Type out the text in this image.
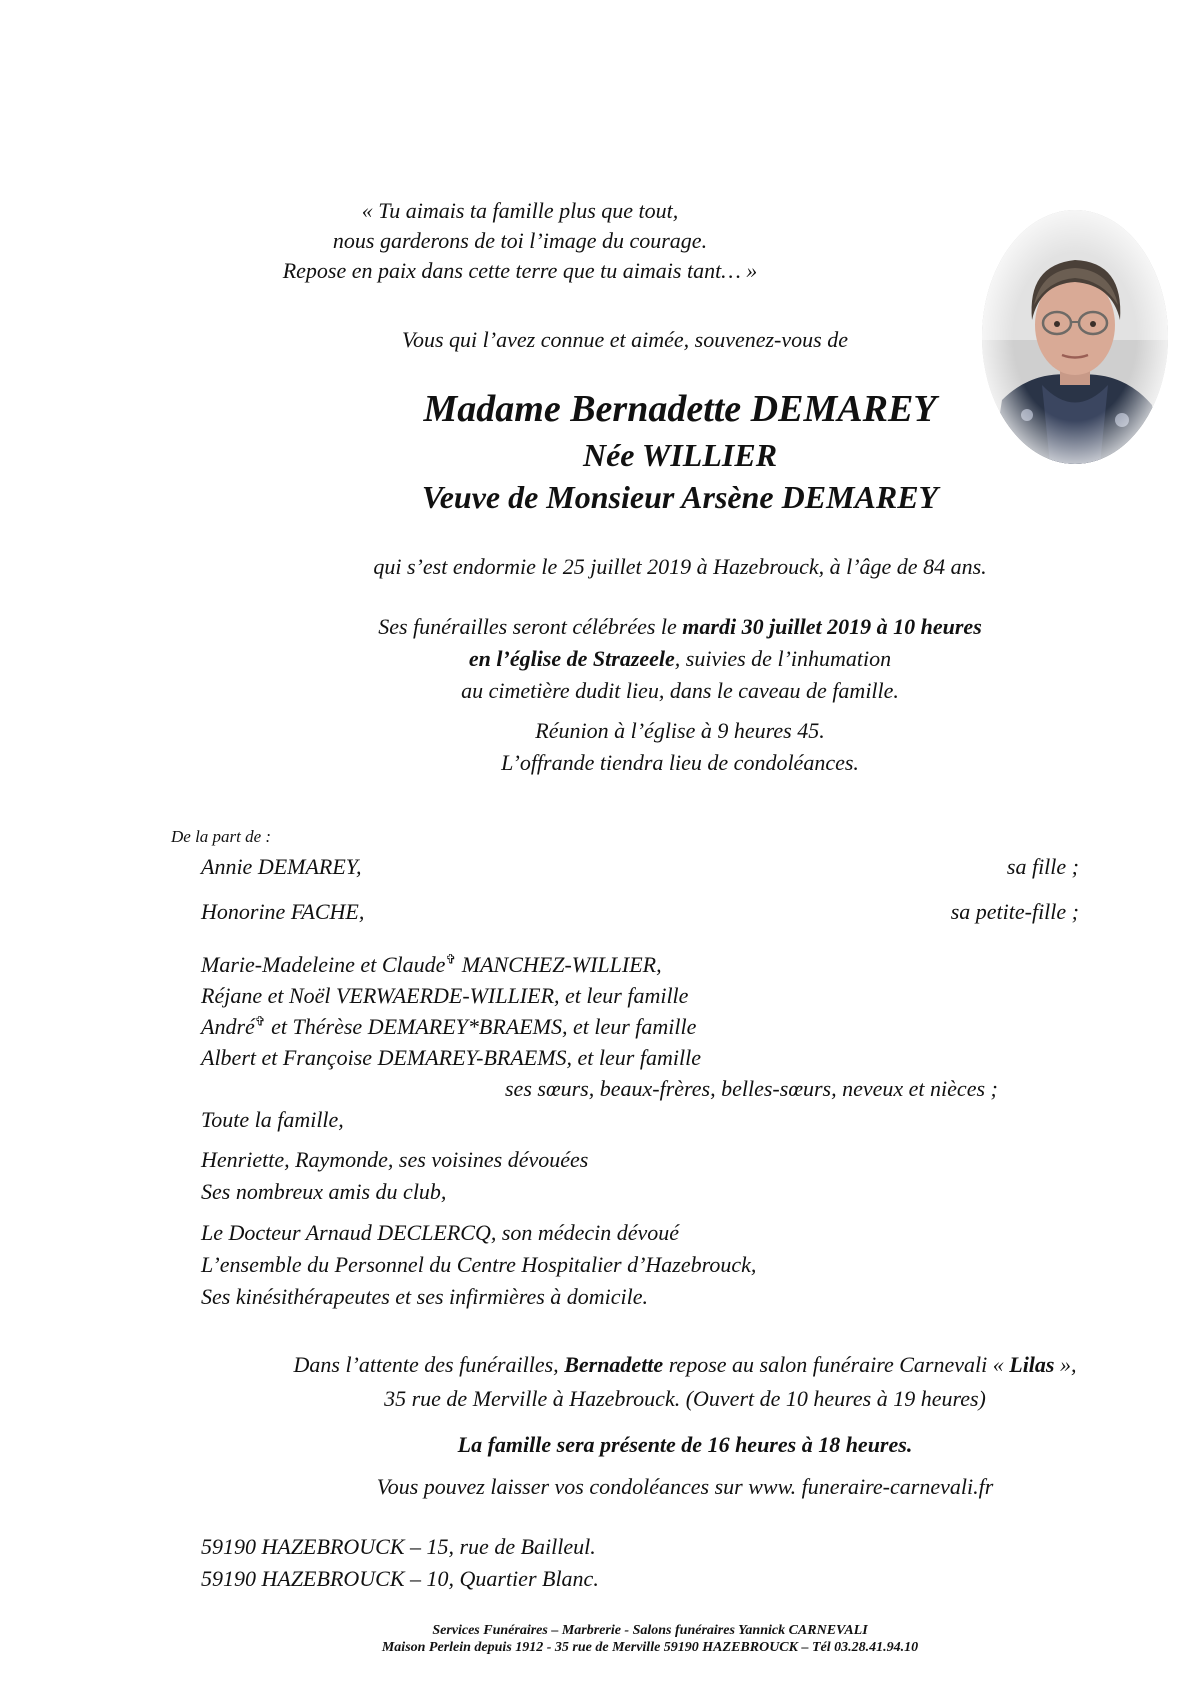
« Tu aimais ta famille plus que tout,
nous garderons de toi l’image du courage.
Repose en paix dans cette terre que tu aimais tant… »
Vous qui l’avez connue et aimée, souvenez-vous de
Madame Bernadette DEMAREY
Née WILLIER
Veuve de Monsieur Arsène DEMAREY
qui s’est endormie le 25 juillet 2019 à Hazebrouck, à l’âge de 84 ans.
Ses funérailles seront célébrées le mardi 30 juillet 2019 à 10 heures
en l’église de Strazeele, suivies de l’inhumation
au cimetière dudit lieu, dans le caveau de famille.
Réunion à l’église à 9 heures 45.
L’offrande tiendra lieu de condoléances.
De la part de :
Annie DEMAREY,	sa fille ;
Honorine FACHE,	sa petite-fille ;
Marie-Madeleine et Claude✞ MANCHEZ-WILLIER,
Réjane et Noël VERWAERDE-WILLIER, et leur famille
André✞ et Thérèse DEMAREY*BRAEMS, et leur famille
Albert et Françoise DEMAREY-BRAEMS, et leur famille
ses sœurs, beaux-frères, belles-sœurs, neveux et nièces ;
Toute la famille,
Henriette, Raymonde, ses voisines dévouées
Ses nombreux amis du club,
Le Docteur Arnaud DECLERCQ, son médecin dévoué
L’ensemble du Personnel du Centre Hospitalier d’Hazebrouck,
Ses kinésithérapeutes et ses infirmières à domicile.
Dans l’attente des funérailles, Bernadette repose au salon funéraire Carnevali « Lilas »,
35 rue de Merville à Hazebrouck. (Ouvert de 10 heures à 19 heures)
La famille sera présente de 16 heures à 18 heures.
Vous pouvez laisser vos condoléances sur www. funeraire-carnevali.fr
59190 HAZEBROUCK – 15, rue de Bailleul.
59190 HAZEBROUCK – 10, Quartier Blanc.
Services Funéraires – Marbrerie - Salons funéraires Yannick CARNEVALI
Maison Perlein depuis 1912 - 35 rue de Merville 59190 HAZEBROUCK – Tél 03.28.41.94.10
